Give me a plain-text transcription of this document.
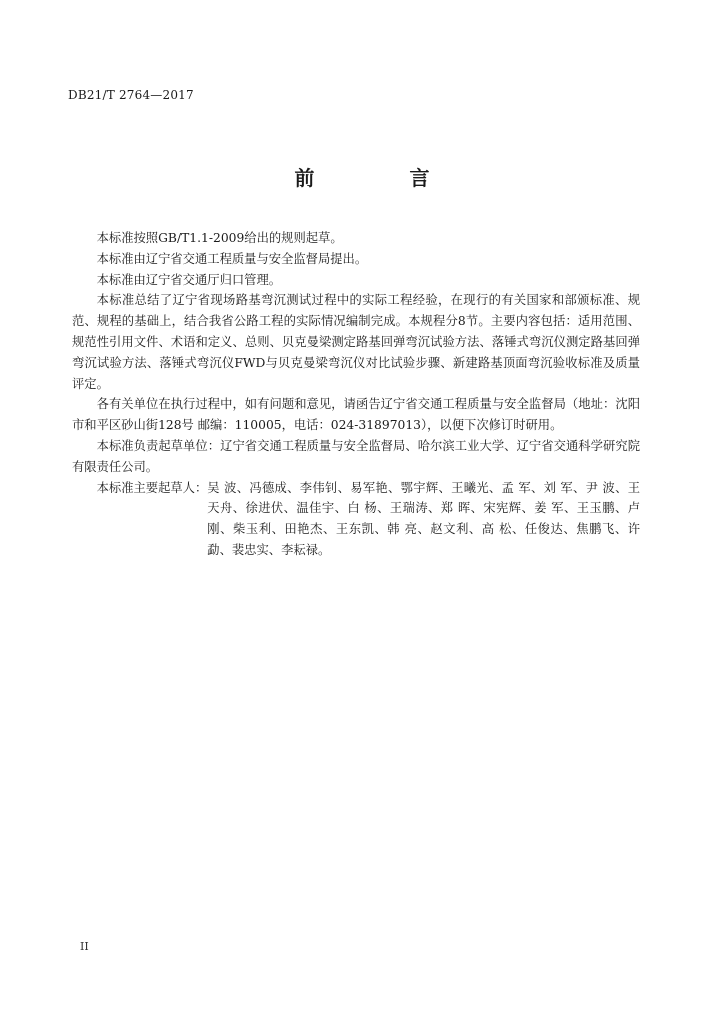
DB21/T 2764—2017
前 言

本标准按照GB/T1.1-2009给出的规则起草。

本标准由辽宁省交通工程质量与安全监督局提出。

本标准由辽宁省交通厅归口管理。

本标准总结了辽宁省现场路基弯沉测试过程中的实际工程经验，在现行的有关国家和部颁标准、规范、规程的基础上，结合我省公路工程的实际情况编制完成。本规程分8节。主要内容包括：适用范围、规范性引用文件、术语和定义、总则、贝克曼梁测定路基回弹弯沉试验方法、落锤式弯沉仪测定路基回弹弯沉试验方法、落锤式弯沉仪FWD与贝克曼梁弯沉仪对比试验步骤、新建路基顶面弯沉验收标准及质量评定。

各有关单位在执行过程中，如有问题和意见，请函告辽宁省交通工程质量与安全监督局（地址：沈阳市和平区砂山街128号 邮编：110005，电话：024-31897013），以便下次修订时研用。

本标准负责起草单位：辽宁省交通工程质量与安全监督局、哈尔滨工业大学、辽宁省交通科学研究院有限责任公司。

本标准主要起草人： 吴 波、冯德成、李伟钊、易军艳、鄂宇辉、王曦光、孟 军、刘 军、尹 波、王天舟、徐进伏、温佳宇、白 杨、王瑞涛、郑 晖、宋宪辉、姜 军、王玉鹏、卢 刚、柴玉利、田艳杰、王东凯、韩 亮、赵文利、高 松、任俊达、焦鹏飞、许 勐、裴忠实、李耘禄。
II
